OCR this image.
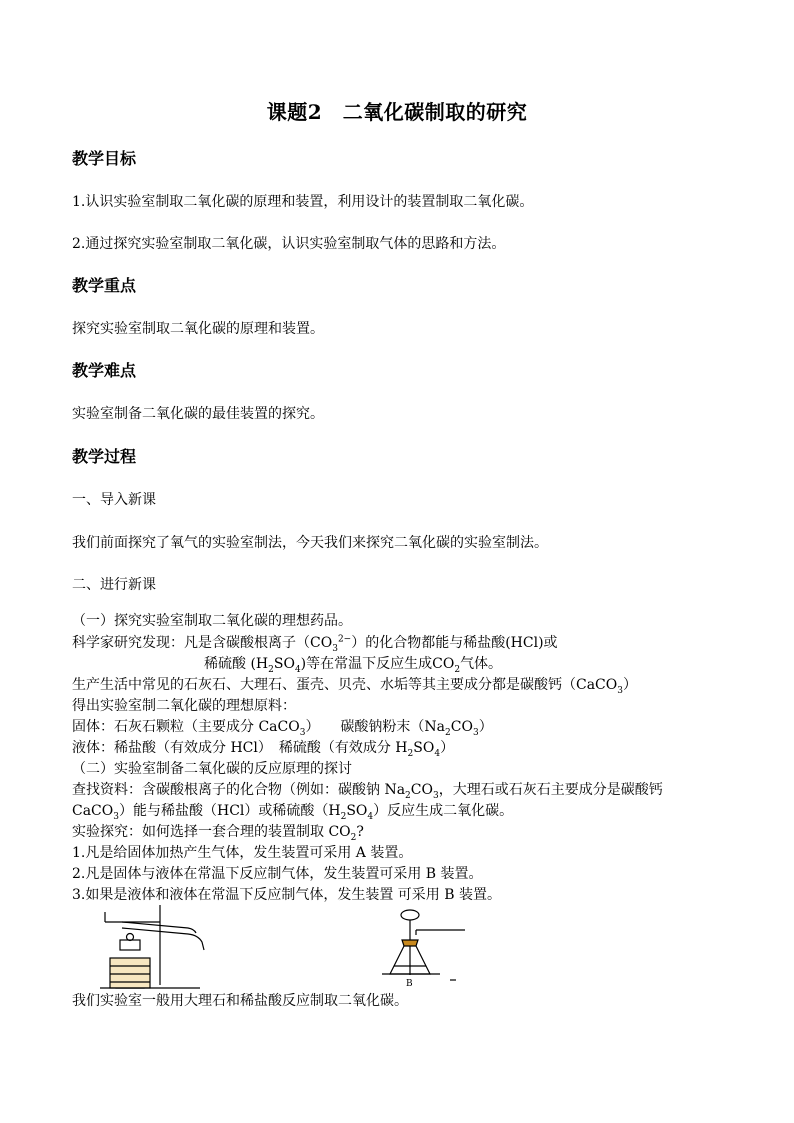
课题2　二氧化碳制取的研究
教学目标
1.认识实验室制取二氧化碳的原理和装置，利用设计的装置制取二氧化碳。
2.通过探究实验室制取二氧化碳，认识实验室制取气体的思路和方法。
教学重点
探究实验室制取二氧化碳的原理和装置。
教学难点
实验室制备二氧化碳的最佳装置的探究。
教学过程
一、导入新课
我们前面探究了氧气的实验室制法，今天我们来探究二氧化碳的实验室制法。
二、进行新课
（一）探究实验室制取二氧化碳的理想药品。
科学家研究发现：凡是含碳酸根离子$(CO_3^{2-})$的化合物都能与稀盐酸(HCl)或
稀硫酸 $(H_2SO_4)$等在常温下反应生成$CO_2$气体。
生产生活中常见的石灰石、大理石、蛋壳、贝壳、水垢等其主要成分都是碳酸钙（CaCO$_3$）
得出实验室制二氧化碳的理想原料：
固体：石灰石颗粒（主要成分 CaCO$_3$）　　碳酸钠粉末$(Na_2CO_3)$
液体：稀盐酸（有效成分 HCl）　稀硫酸（有效成分 $H_2SO_4$）
（二）实验室制备二氧化碳的反应原理的探讨
查找资料：含碳酸根离子的化合物（例如：碳酸钠 $Na_2CO_3$，大理石或石灰石主要成分是碳酸钙
CaCO$_3$）能与稀盐酸（HCl）或稀硫酸$(H_2SO_4)$反应生成二氧化碳。
实验探究：如何选择一套合理的装置制取 $CO_2$?
1.凡是给固体加热产生气体，发生装置可采用 A 装置。
2.凡是固体与液体在常温下反应制气体，发生装置可采用 B 装置。
3.如果是液体和液体在常温下反应制气体，发生装置 可采用 B 装置。
B
我们实验室一般用大理石和稀盐酸反应制取二氧化碳。
